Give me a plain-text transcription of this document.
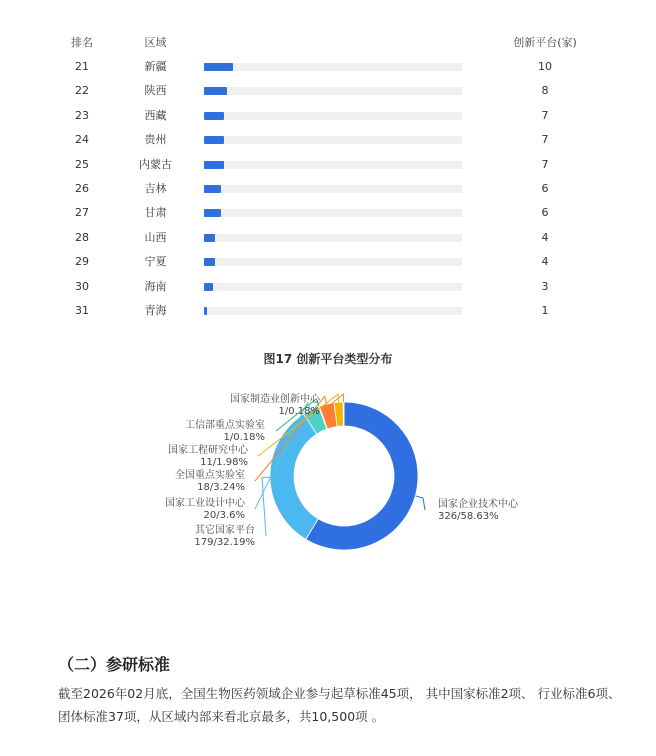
排名	区域	创新平台(家)
21	新疆	10
22	陕西	8
23	西藏	7
24	贵州	7
25	内蒙古	7
26	吉林	6
27	甘肃	6
28	山西	4
29	宁夏	4
30	海南	3
31	青海	1
图17 创新平台类型分布
国家企业技术中心
326/58.63%
其它国家平台
179/32.19%
国家工业设计中心
20/3.6%
全国重点实验室
18/3.24%
国家工程研究中心
11/1.98%
工信部重点实验室
1/0.18%
国家制造业创新中心
1/0.18%
（二）参研标准
截至2026年02月底，全国生物医药领域企业参与起草标准45项， 其中国家标准2项、 行业标准6项、
团体标准37项，从区域内部来看北京最多，共10,500项 。
